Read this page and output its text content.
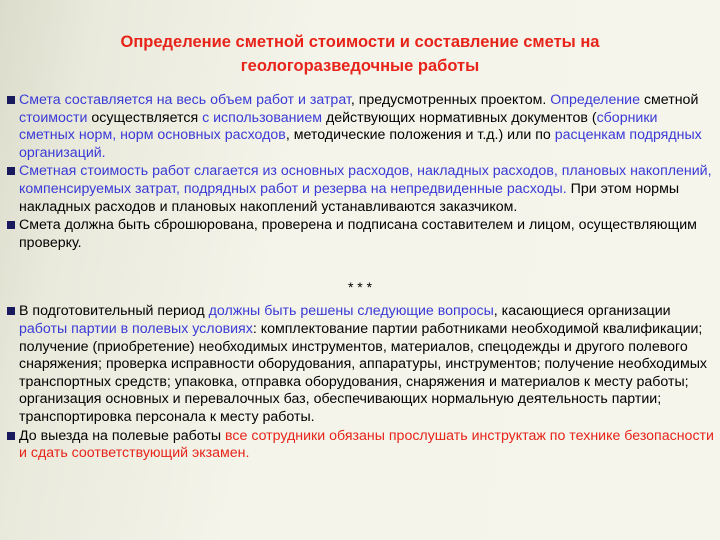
Определение сметной стоимости и составление сметы на
геологоразведочные работы
Смета составляется на весь объем работ и затрат, предусмотренных проектом. Определение сметной стоимости осуществляется с использованием действующих нормативных документов (сборники сметных норм, норм основных расходов, методические положения и т.д.) или по расценкам подрядных организаций.
Сметная стоимость работ слагается из основных расходов, накладных расходов, плановых накоплений, компенсируемых затрат, подрядных работ и резерва на непредвиденные расходы. При этом нормы накладных расходов и плановых накоплений устанавливаются заказчиком.
Смета должна быть сброшюрована, проверена и подписана составителем и лицом, осуществляющим проверку.
* * *
В подготовительный период должны быть решены следующие вопросы, касающиеся организации работы партии в полевых условиях: комплектование партии работниками необходимой квалификации; получение (приобретение) необходимых инструментов, материалов, спецодежды и другого полевого снаряжения; проверка исправности оборудования, аппаратуры, инструментов; получение необходимых транспортных средств; упаковка, отправка оборудования, снаряжения и материалов к месту работы; организация основных и перевалочных баз, обеспечивающих нормальную деятельность партии; транспортировка персонала к месту работы.
До выезда на полевые работы все сотрудники обязаны прослушать инструктаж по технике безопасности и сдать соответствующий экзамен.
